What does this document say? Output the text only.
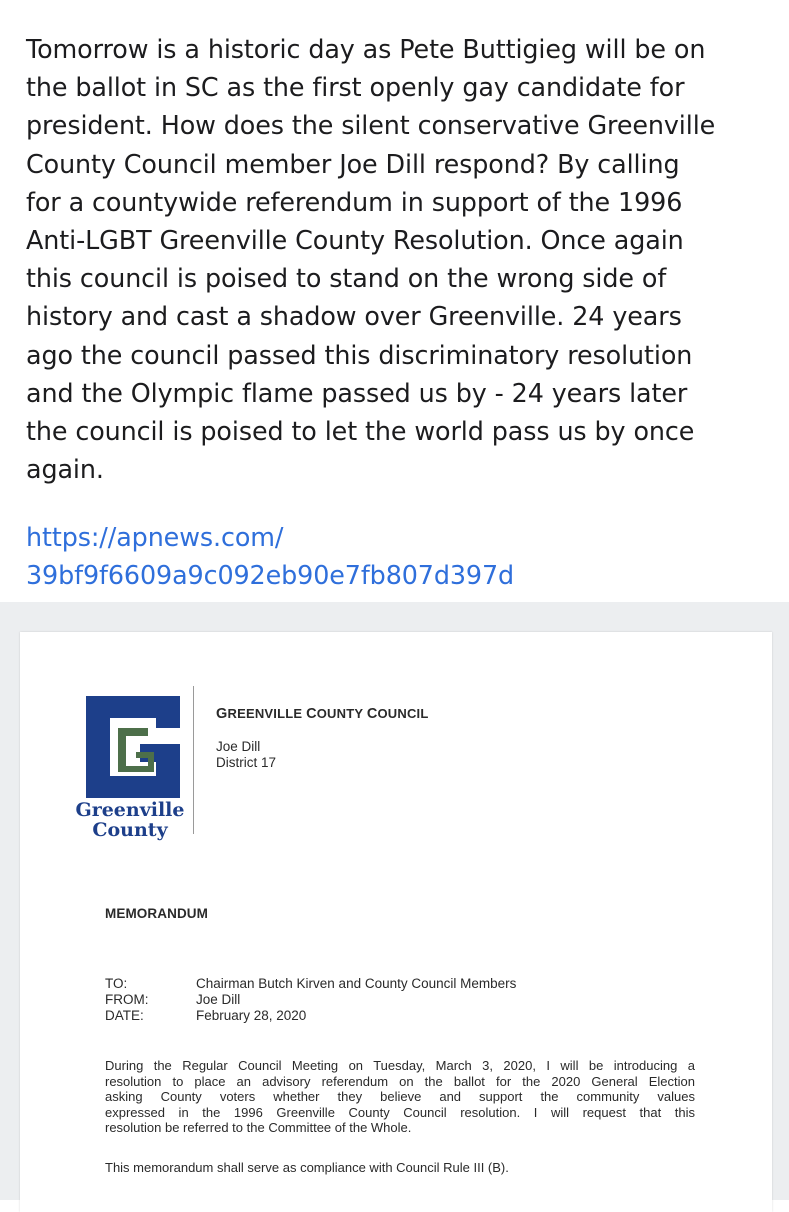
Tomorrow is a historic day as Pete Buttigieg will be on
the ballot in SC as the first openly gay candidate for
president. How does the silent conservative Greenville
County Council member Joe Dill respond? By calling
for a countywide referendum in support of the 1996
Anti-LGBT Greenville County Resolution. Once again
this council is poised to stand on the wrong side of
history and cast a shadow over Greenville. 24 years
ago the council passed this discriminatory resolution
and the Olympic flame passed us by - 24 years later
the council is poised to let the world pass us by once
again.
https://apnews.com/
39bf9f6609a9c092eb90e7fb807d397d
Greenville
County
GREENVILLE COUNTY COUNCIL
Joe Dill
District 17
MEMORANDUM
TO:	Chairman Butch Kirven and County Council Members
FROM:	Joe Dill
DATE:	February 28, 2020
During the Regular Council Meeting on Tuesday, March 3, 2020, I will be introducing a
resolution to place an advisory referendum on the ballot for the 2020 General Election
asking County voters whether they believe and support the community values
expressed in the 1996 Greenville County Council resolution. I will request that this
resolution be referred to the Committee of the Whole.
This memorandum shall serve as compliance with Council Rule III (B).
